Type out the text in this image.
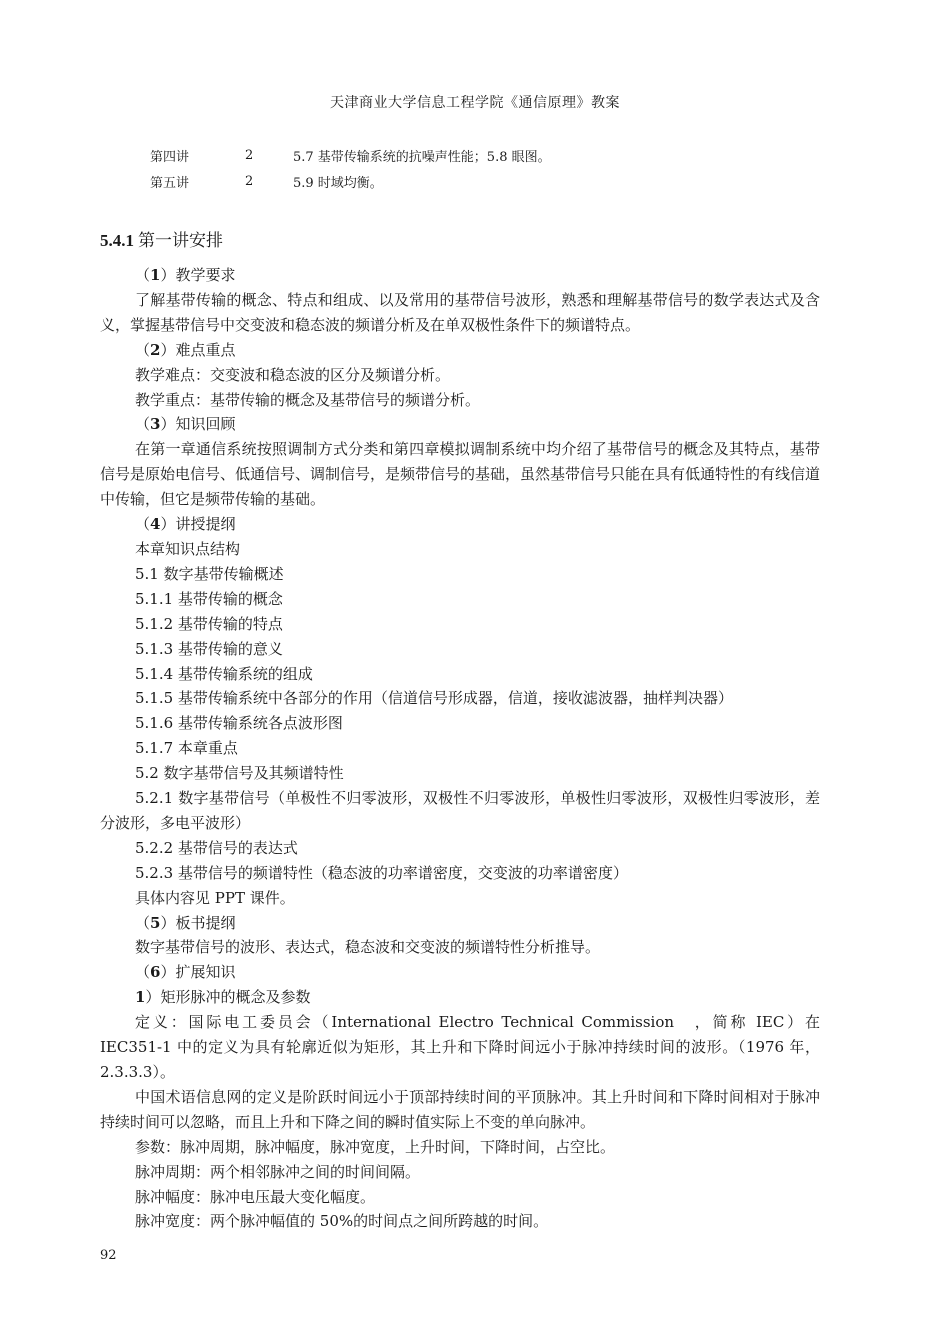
天津商业大学信息工程学院《通信原理》教案
第四讲	2	5.7 基带传输系统的抗噪声性能；5.8 眼图。
第五讲	2	5.9 时域均衡。
5.4.1 第一讲安排

（1）教学要求

了解基带传输的概念、特点和组成、以及常用的基带信号波形，熟悉和理解基带信号的数学表达式及含义，掌握基带信号中交变波和稳态波的频谱分析及在单双极性条件下的频谱特点。

（2）难点重点

教学难点：交变波和稳态波的区分及频谱分析。

教学重点：基带传输的概念及基带信号的频谱分析。

（3）知识回顾

在第一章通信系统按照调制方式分类和第四章模拟调制系统中均介绍了基带信号的概念及其特点，基带信号是原始电信号、低通信号、调制信号，是频带信号的基础，虽然基带信号只能在具有低通特性的有线信道中传输，但它是频带传输的基础。

（4）讲授提纲

本章知识点结构

5.1 数字基带传输概述

5.1.1 基带传输的概念

5.1.2 基带传输的特点

5.1.3 基带传输的意义

5.1.4 基带传输系统的组成

5.1.5 基带传输系统中各部分的作用（信道信号形成器，信道，接收滤波器，抽样判决器）

5.1.6 基带传输系统各点波形图

5.1.7 本章重点

5.2 数字基带信号及其频谱特性

5.2.1 数字基带信号（单极性不归零波形，双极性不归零波形，单极性归零波形，双极性归零波形，差分波形，多电平波形）

5.2.2 基带信号的表达式

5.2.3 基带信号的频谱特性（稳态波的功率谱密度，交变波的功率谱密度）

具体内容见 PPT 课件。

（5）板书提纲

数字基带信号的波形、表达式，稳态波和交变波的频谱特性分析推导。

（6）扩展知识

1）矩形脉冲的概念及参数

定义：国际电工委员会（International Electro Technical Commission　，简称 IEC）在 IEC351-1 中的定义为具有轮廓近似为矩形，其上升和下降时间远小于脉冲持续时间的波形。（1976 年，2.3.3.3）。

中国术语信息网的定义是阶跃时间远小于顶部持续时间的平顶脉冲。其上升时间和下降时间相对于脉冲持续时间可以忽略，而且上升和下降之间的瞬时值实际上不变的单向脉冲。

参数：脉冲周期，脉冲幅度，脉冲宽度，上升时间，下降时间，占空比。

脉冲周期：两个相邻脉冲之间的时间间隔。

脉冲幅度：脉冲电压最大变化幅度。

脉冲宽度：两个脉冲幅值的 50%的时间点之间所跨越的时间。

92
